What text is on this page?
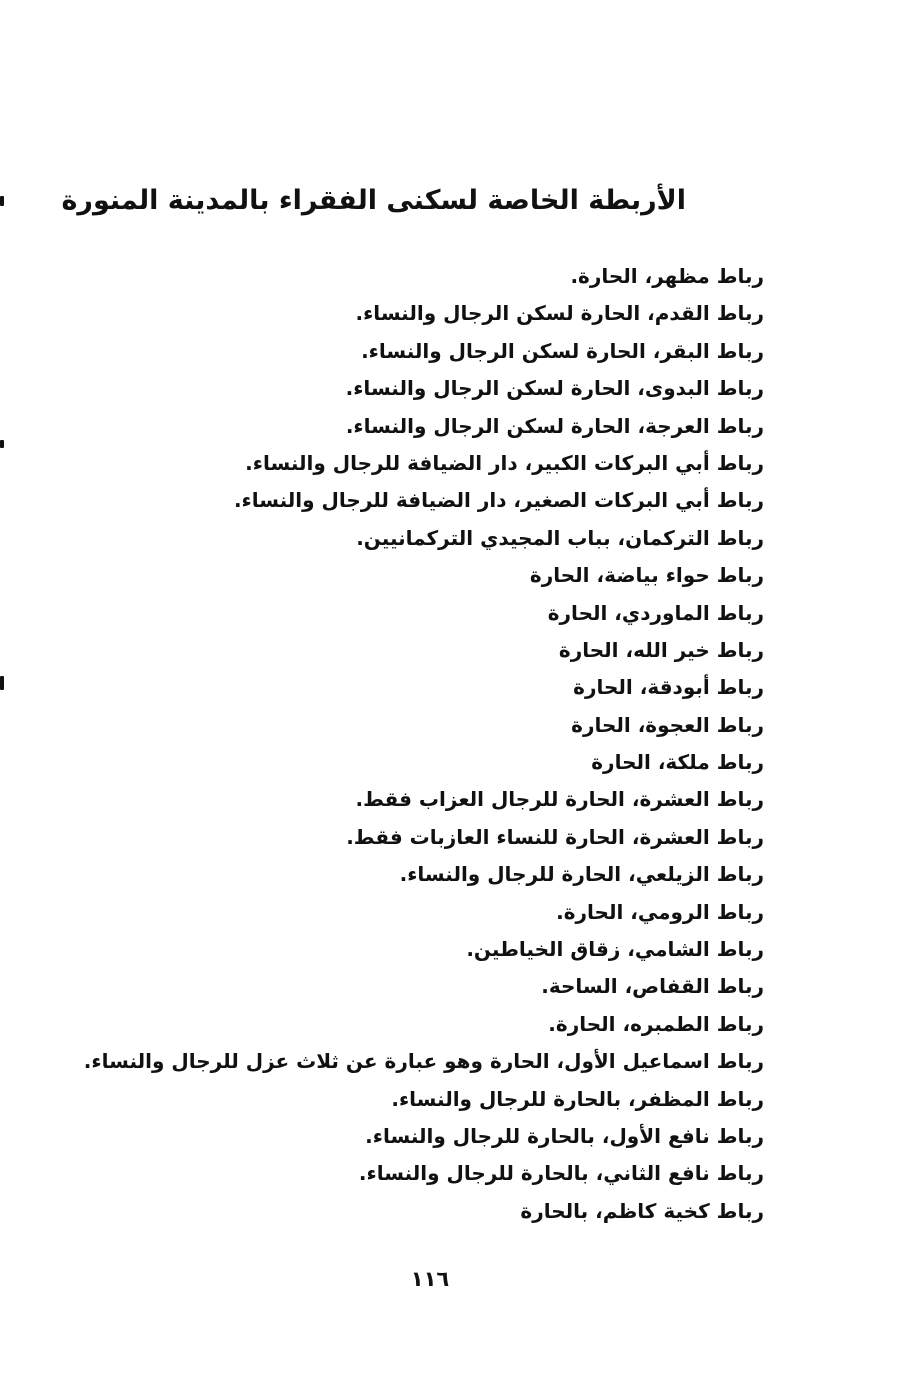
الأربطة الخاصة لسكنى الفقراء بالمدينة المنورة
رباط مظهر، الحارة.
رباط القدم، الحارة لسكن الرجال والنساء.
رباط البقر، الحارة لسكن الرجال والنساء.
رباط البدوى، الحارة لسكن الرجال والنساء.
رباط العرجة، الحارة لسكن الرجال والنساء.
رباط أبي البركات الكبير، دار الضيافة للرجال والنساء.
رباط أبي البركات الصغير، دار الضيافة للرجال والنساء.
رباط التركمان، بباب المجيدي التركمانيين.
رباط حواء بياضة، الحارة
رباط الماوردي، الحارة
رباط خير الله، الحارة
رباط أبودقة، الحارة
رباط العجوة، الحارة
رباط ملكة، الحارة
رباط العشرة، الحارة للرجال العزاب فقط.
رباط العشرة، الحارة للنساء العازبات فقط.
رباط الزيلعي، الحارة للرجال والنساء.
رباط الرومي، الحارة.
رباط الشامي، زقاق الخياطين.
رباط القفاص، الساحة.
رباط الطمبره، الحارة.
رباط اسماعيل الأول، الحارة وهو عبارة عن ثلاث عزل للرجال والنساء.
رباط المظفر، بالحارة للرجال والنساء.
رباط نافع الأول، بالحارة للرجال والنساء.
رباط نافع الثاني، بالحارة للرجال والنساء.
رباط كخية كاظم، بالحارة
١١٦
